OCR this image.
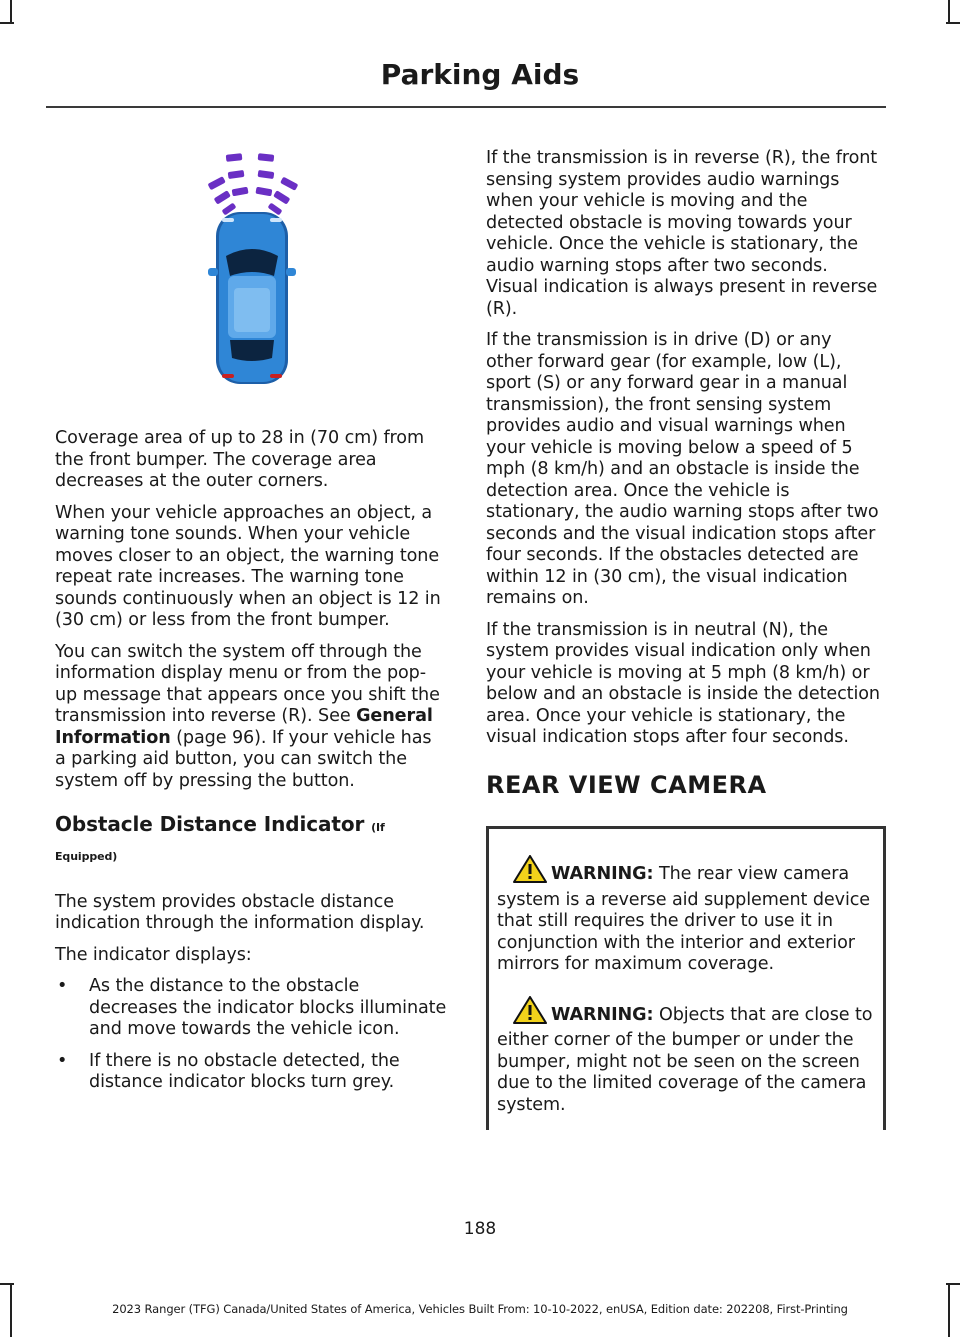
Parking Aids

Coverage area of up to 28 in (70 cm) from the front bumper. The coverage area decreases at the outer corners.

When your vehicle approaches an object, a warning tone sounds. When your vehicle moves closer to an object, the warning tone repeat rate increases. The warning tone sounds continuously when an object is 12 in (30 cm) or less from the front bumper.

You can switch the system off through the information display menu or from the pop-up message that appears once you shift the transmission into reverse (R). See General Information (page 96). If your vehicle has a parking aid button, you can switch the system off by pressing the button.

Obstacle Distance Indicator (If
Equipped)

The system provides obstacle distance indication through the information display.

The indicator displays:

• As the distance to the obstacle decreases the indicator blocks illuminate and move towards the vehicle icon.
• If there is no obstacle detected, the distance indicator blocks turn grey.

If the transmission is in reverse (R), the front sensing system provides audio warnings when your vehicle is moving and the detected obstacle is moving towards your vehicle. Once the vehicle is stationary, the audio warning stops after two seconds. Visual indication is always present in reverse (R).

If the transmission is in drive (D) or any other forward gear (for example, low (L), sport (S) or any forward gear in a manual transmission), the front sensing system provides audio and visual warnings when your vehicle is moving below a speed of 5 mph (8 km/h) and an obstacle is inside the detection area. Once the vehicle is stationary, the audio warning stops after two seconds and the visual indication stops after four seconds. If the obstacles detected are within 12 in (30 cm), the visual indication remains on.

If the transmission is in neutral (N), the system provides visual indication only when your vehicle is moving at 5 mph (8 km/h) or below and an obstacle is inside the detection area. Once your vehicle is stationary, the visual indication stops after four seconds.

REAR VIEW CAMERA
WARNING: The rear view camera system is a reverse aid supplement device that still requires the driver to use it in conjunction with the interior and exterior mirrors for maximum coverage.
WARNING: Objects that are close to either corner of the bumper or under the bumper, might not be seen on the screen due to the limited coverage of the camera system.
188
2023 Ranger (TFG) Canada/United States of America, Vehicles Built From: 10-10-2022, enUSA, Edition date: 202208, First-Printing
